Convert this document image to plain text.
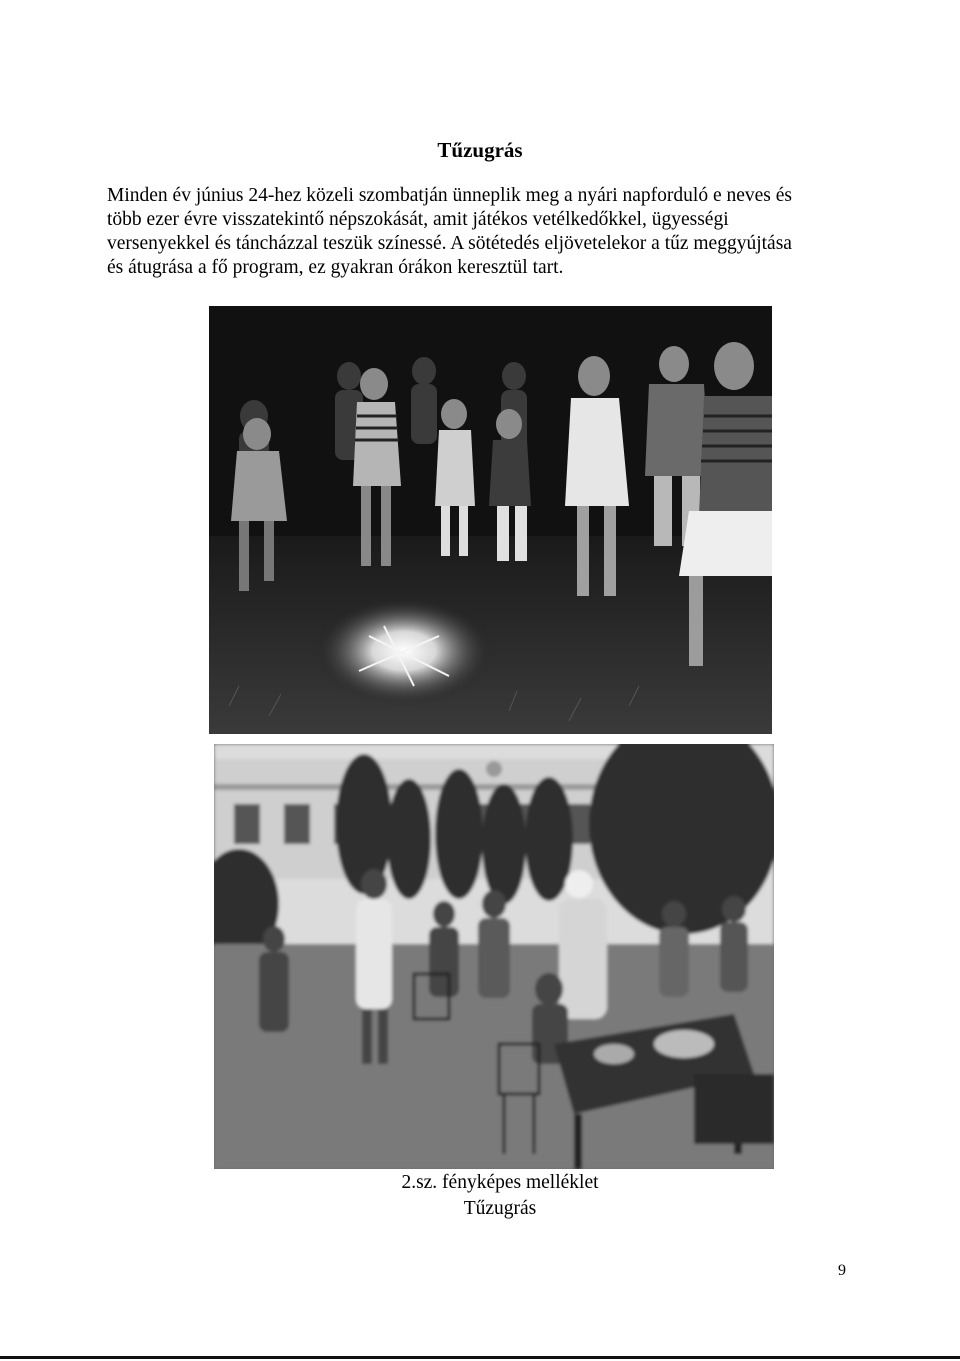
Tűzugrás

Minden év június 24-hez közeli szombatján ünneplik meg a nyári napforduló e neves és
több ezer évre visszatekintő népszokását, amit játékos vetélkedőkkel, ügyességi
versenyekkel és táncházzal teszük színessé. A sötétedés eljövetelekor a tűz meggyújtása
és átugrása a fő program, ez gyakran órákon keresztül tart.

2.sz. fényképes melléklet
Tűzugrás
9
